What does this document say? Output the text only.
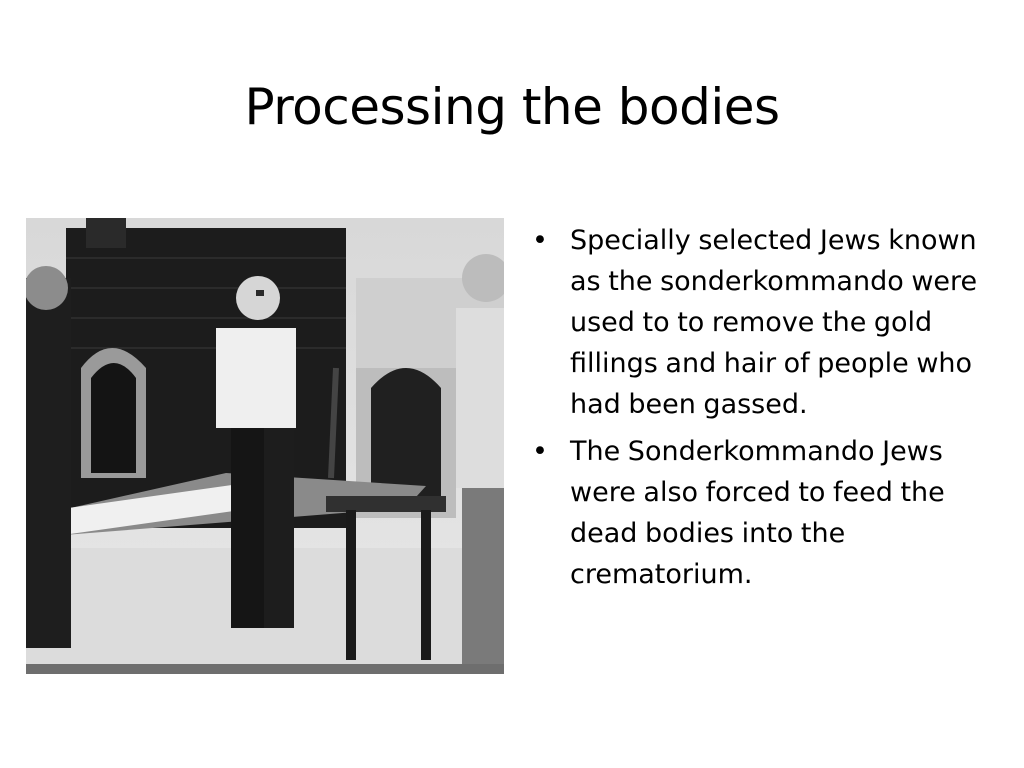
Processing the bodies
• Specially selected Jews known as the sonderkommando were used to to remove the gold fillings and hair of people who had been gassed.
• The Sonderkommando Jews were also forced to feed the dead bodies into the crematorium.
